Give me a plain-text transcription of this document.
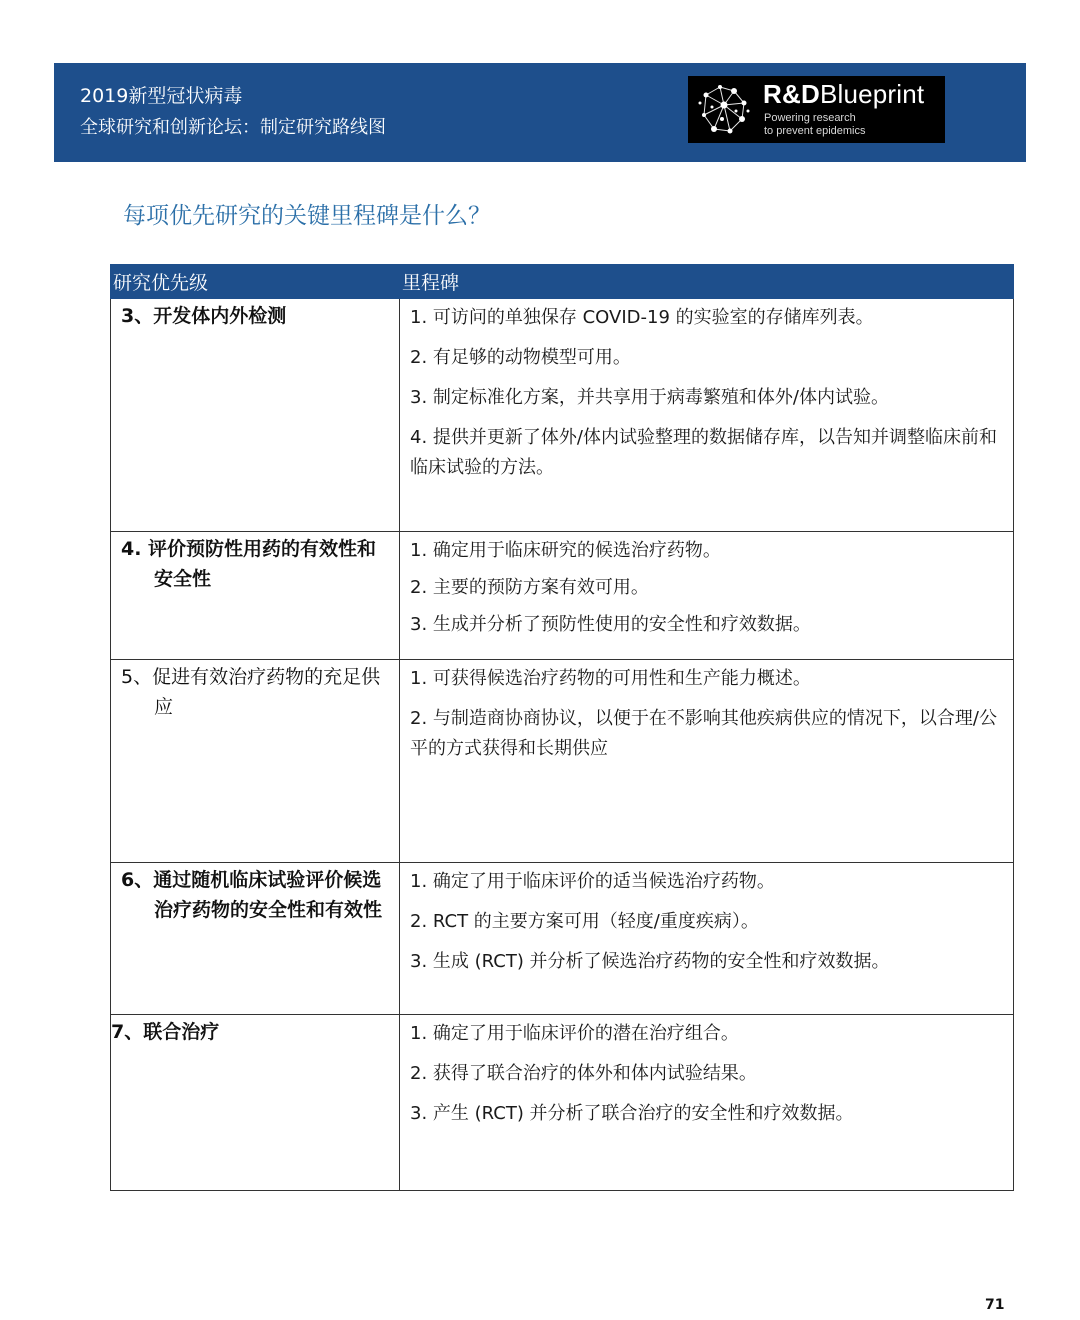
2019新型冠状病毒
全球研究和创新论坛：制定研究路线图
R&DBlueprint
Powering research
to prevent epidemics
每项优先研究的关键里程碑是什么？
研究优先级	里程碑

3、开发体内外检测	1. 可访问的单独保存 COVID-19 的实验室的存储库列表。
2. 有足够的动物模型可用。
3. 制定标准化方案，并共享用于病毒繁殖和体外/体内试验。
4. 提供并更新了体外/体内试验整理的数据储存库，以告知并调整临床前和临床试验的方法。

4. 评价预防性用药的有效性和安全性	1. 确定用于临床研究的候选治疗药物。
2. 主要的预防方案有效可用。
3. 生成并分析了预防性使用的安全性和疗效数据。

5、促进有效治疗药物的充足供应	1. 可获得候选治疗药物的可用性和生产能力概述。
2. 与制造商协商协议，以便于在不影响其他疾病供应的情况下，以合理/公平的方式获得和长期供应

6、通过随机临床试验评价候选治疗药物的安全性和有效性	1. 确定了用于临床评价的适当候选治疗药物。
2. RCT 的主要方案可用（轻度/重度疾病）。
3. 生成 (RCT) 并分析了候选治疗药物的安全性和疗效数据。

7、联合治疗	1. 确定了用于临床评价的潜在治疗组合。
2. 获得了联合治疗的体外和体内试验结果。
3. 产生 (RCT) 并分析了联合治疗的安全性和疗效数据。
71
